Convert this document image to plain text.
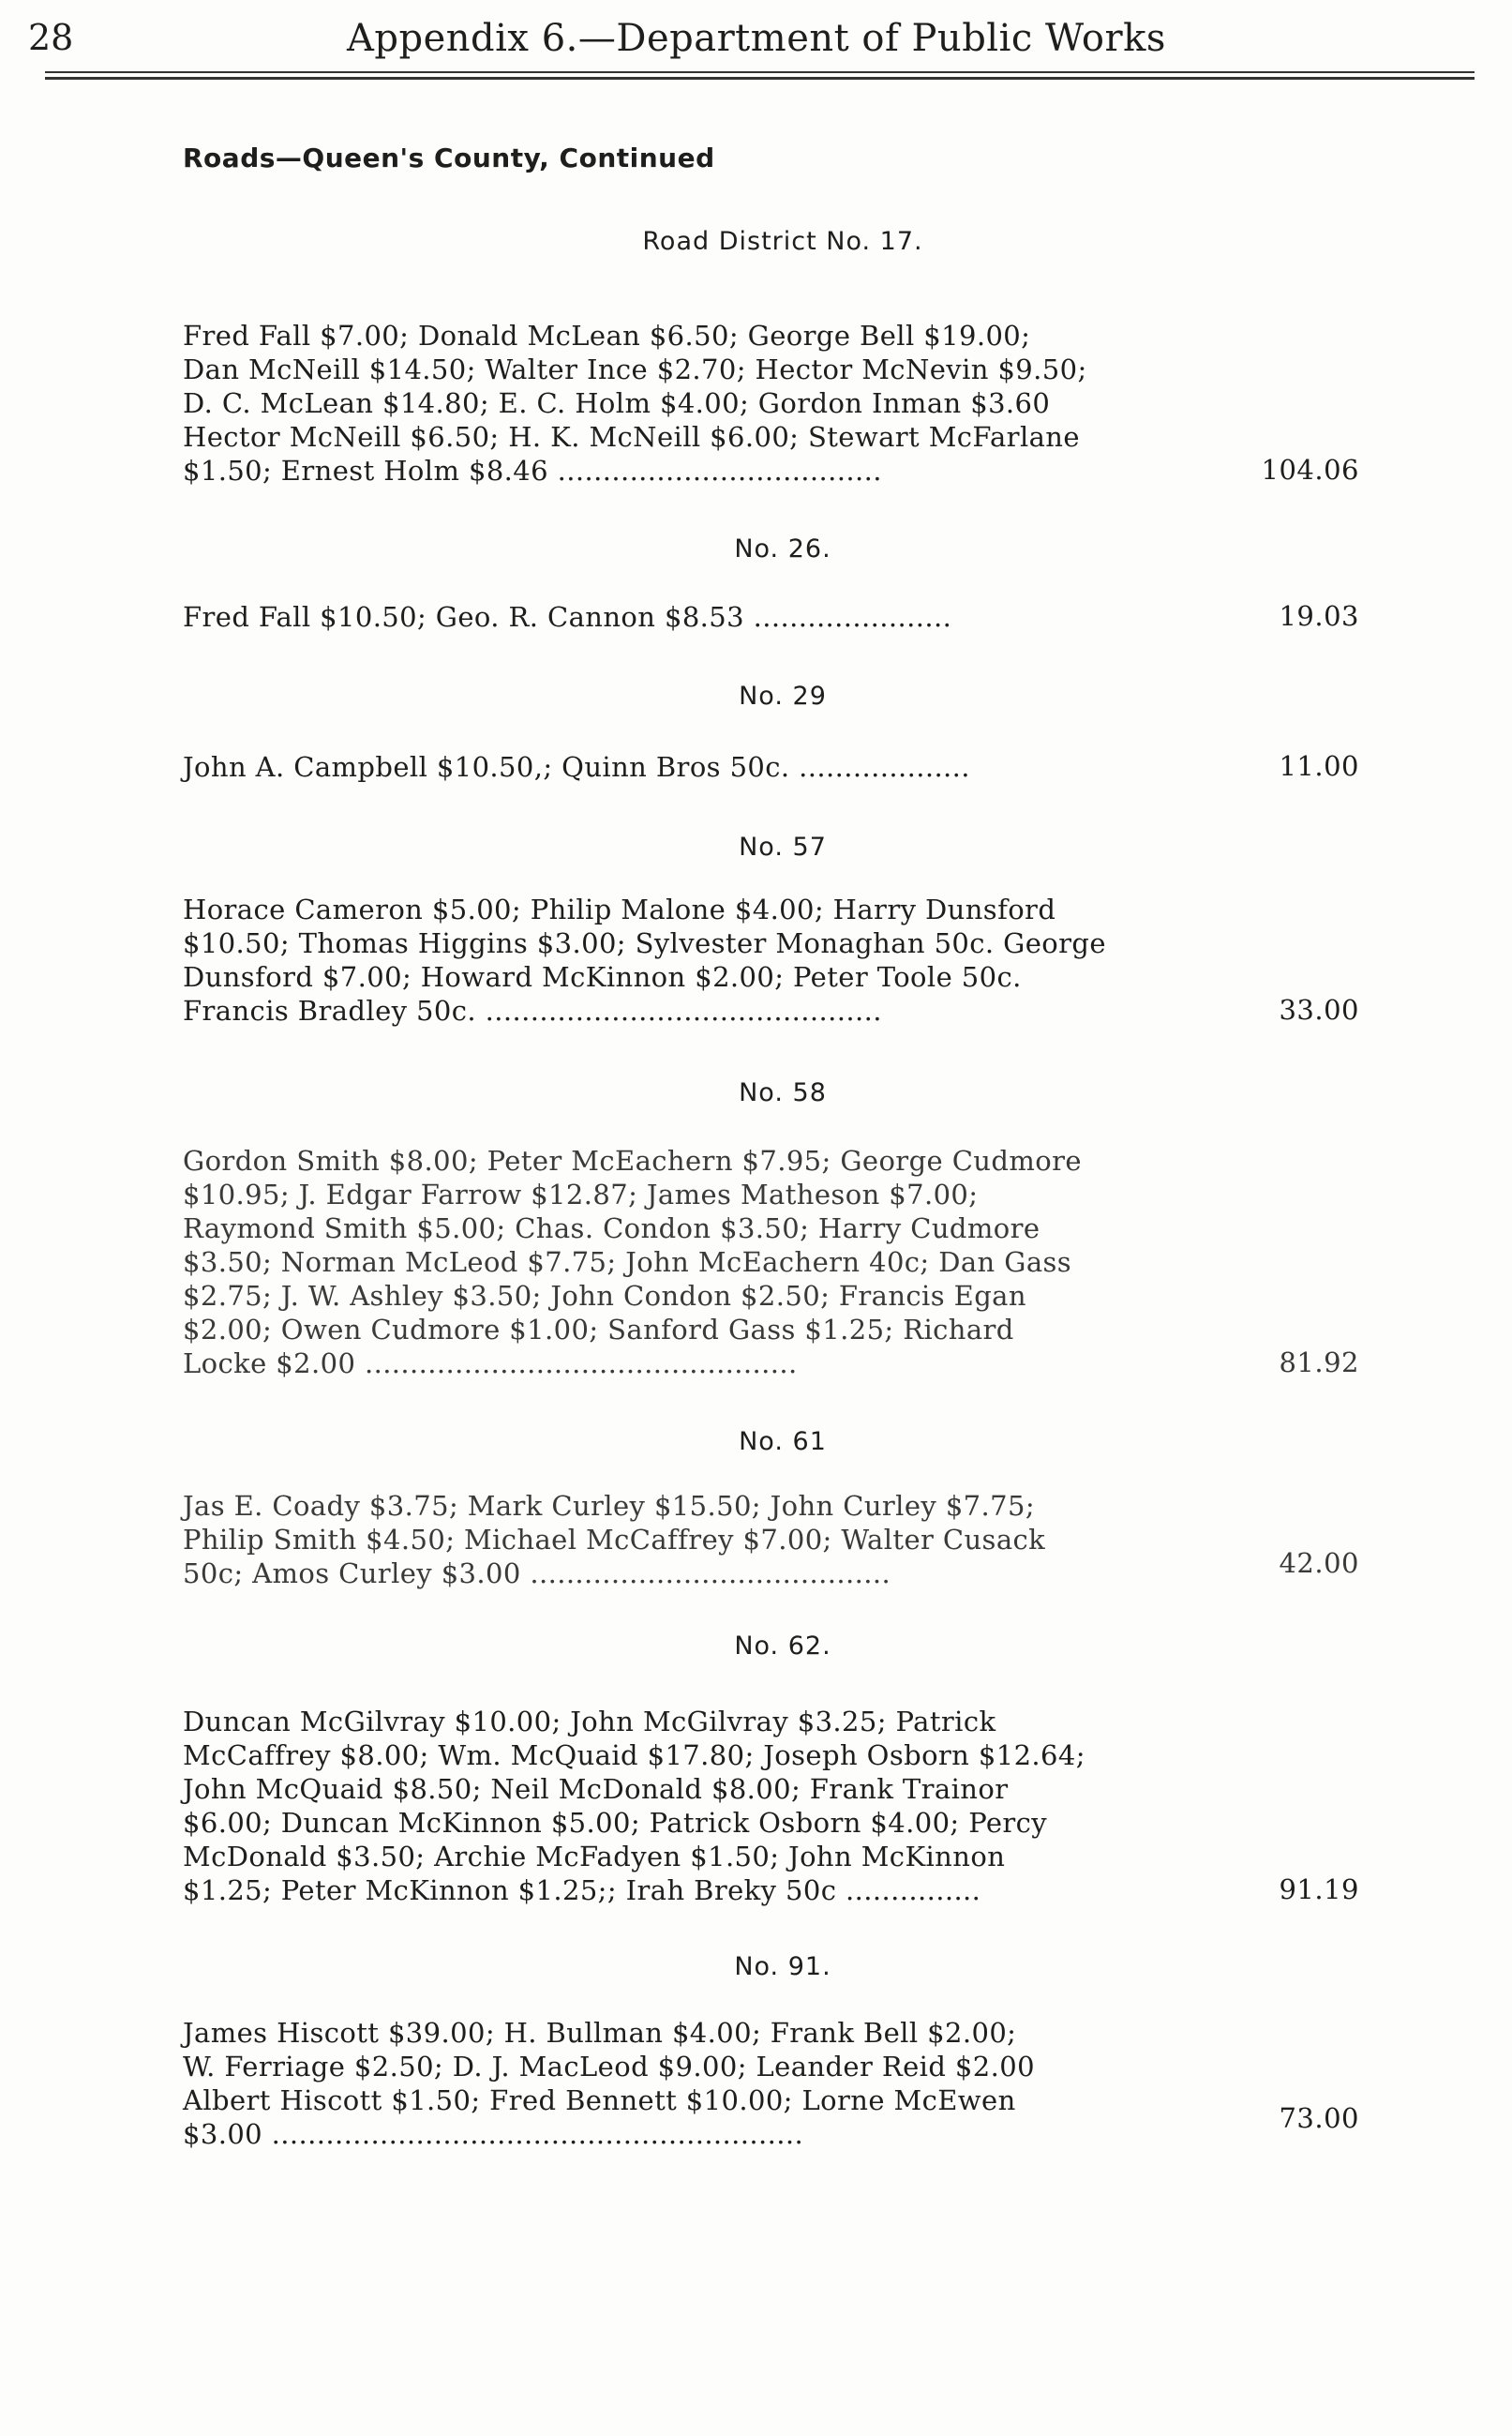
28	Appendix 6.—Department of Public Works
Roads—Queen's County, Continued
Road District No. 17.
Fred Fall $7.00; Donald McLean $6.50; George Bell $19.00;
Dan McNeill $14.50; Walter Ince $2.70; Hector McNevin $9.50;
D. C. McLean $14.80; E. C. Holm $4.00; Gordon Inman $3.60
Hector McNeill $6.50; H. K. McNeill $6.00; Stewart McFarlane
$1.50; Ernest Holm $8.46 ....................................	104.06
No. 26.
Fred Fall $10.50; Geo. R. Cannon $8.53 ......................	19.03
No. 29
John A. Campbell $10.50,; Quinn Bros 50c. ...................	11.00
No. 57
Horace Cameron $5.00; Philip Malone $4.00; Harry Dunsford
$10.50; Thomas Higgins $3.00; Sylvester Monaghan 50c. George
Dunsford $7.00; Howard McKinnon $2.00; Peter Toole 50c.
Francis Bradley 50c. ............................................	33.00
No. 58
Gordon Smith $8.00; Peter McEachern $7.95; George Cudmore
$10.95; J. Edgar Farrow $12.87; James Matheson $7.00;
Raymond Smith $5.00; Chas. Condon $3.50; Harry Cudmore
$3.50; Norman McLeod $7.75; John McEachern 40c; Dan Gass
$2.75; J. W. Ashley $3.50; John Condon $2.50; Francis Egan
$2.00; Owen Cudmore $1.00; Sanford Gass $1.25; Richard
Locke $2.00 ................................................	81.92
No. 61
Jas E. Coady $3.75; Mark Curley $15.50; John Curley $7.75;
Philip Smith $4.50; Michael McCaffrey $7.00; Walter Cusack
50c; Amos Curley $3.00 ........................................	42.00
No. 62.
Duncan McGilvray $10.00; John McGilvray $3.25; Patrick
McCaffrey $8.00; Wm. McQuaid $17.80; Joseph Osborn $12.64;
John McQuaid $8.50; Neil McDonald $8.00; Frank Trainor
$6.00; Duncan McKinnon $5.00; Patrick Osborn $4.00; Percy
McDonald $3.50; Archie McFadyen $1.50; John McKinnon
$1.25; Peter McKinnon $1.25;; Irah Breky 50c ...............	91.19
No. 91.
James Hiscott $39.00; H. Bullman $4.00; Frank Bell $2.00;
W. Ferriage $2.50; D. J. MacLeod $9.00; Leander Reid $2.00
Albert Hiscott $1.50; Fred Bennett $10.00; Lorne McEwen
$3.00 ...........................................................	73.00
